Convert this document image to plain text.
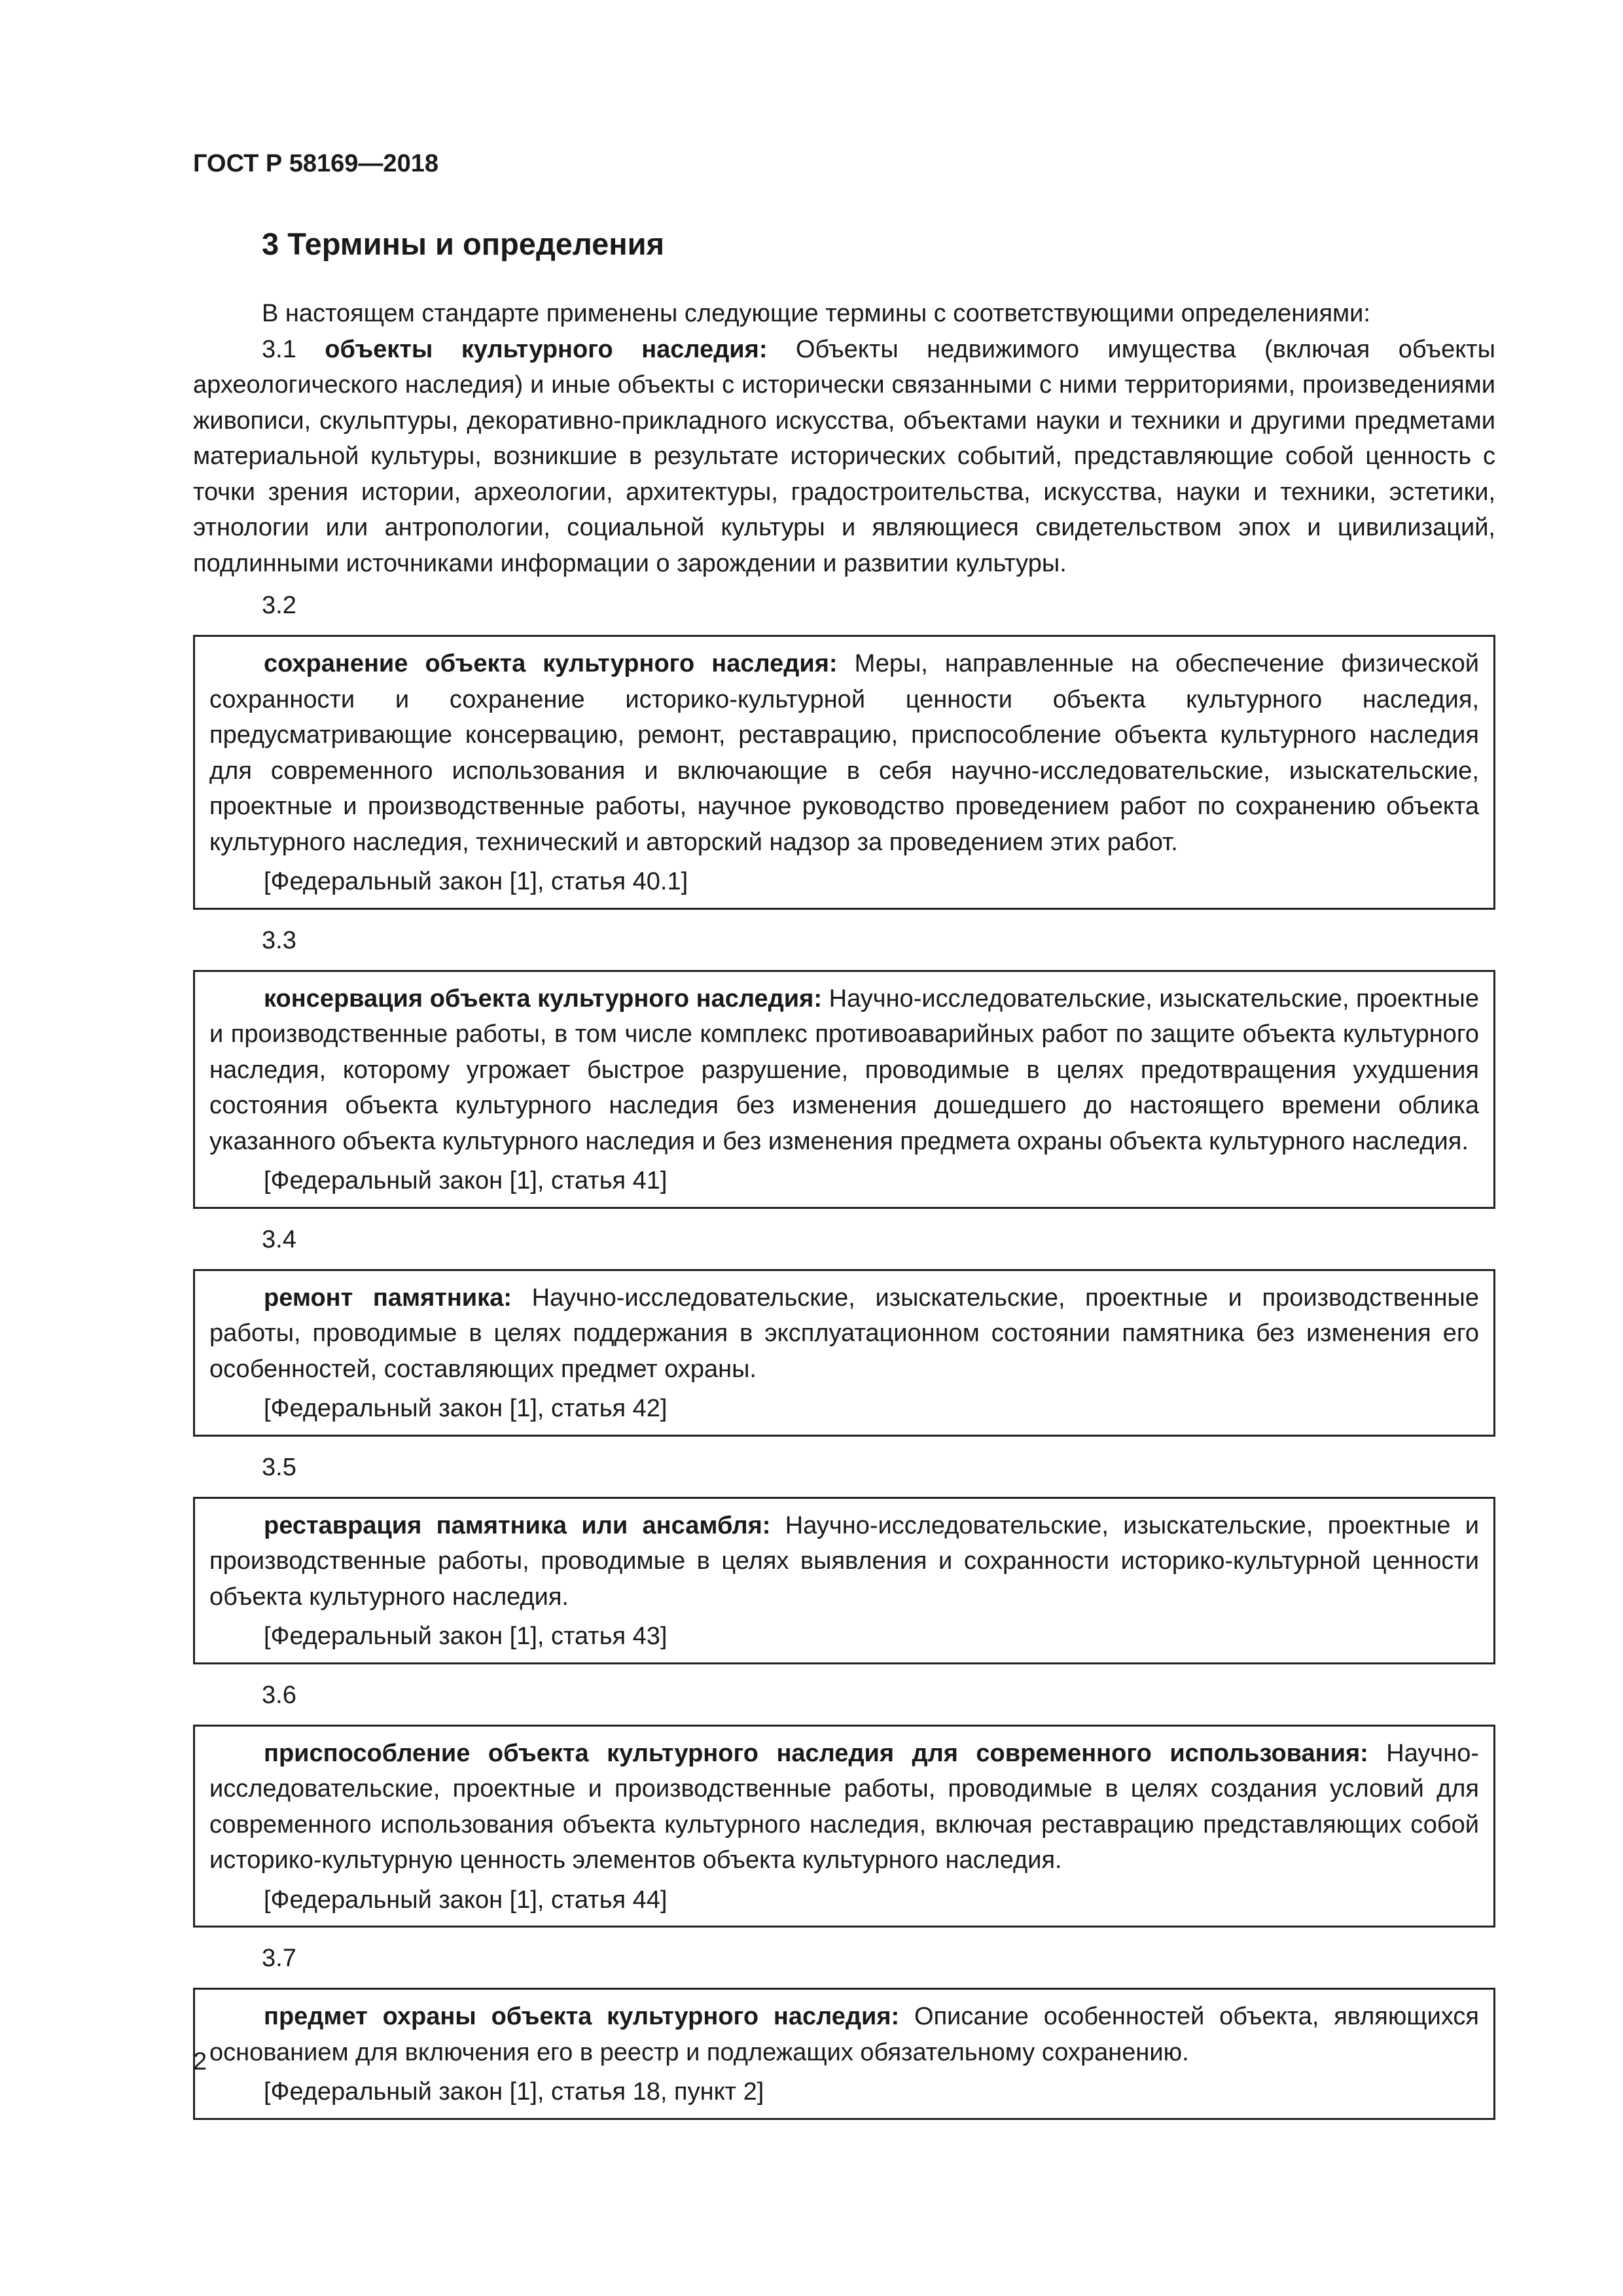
ГОСТ Р 58169—2018
3 Термины и определения

В настоящем стандарте применены следующие термины с соответствующими определениями:

3.1 объекты культурного наследия: Объекты недвижимого имущества (включая объекты археологического наследия) и иные объекты с исторически связанными с ними территориями, произведениями живописи, скульптуры, декоративно-прикладного искусства, объектами науки и техники и другими предметами материальной культуры, возникшие в результате исторических событий, представляющие собой ценность с точки зрения истории, археологии, архитектуры, градостроительства, искусства, науки и техники, эстетики, этнологии или антропологии, социальной культуры и являющиеся свидетельством эпох и цивилизаций, подлинными источниками информации о зарождении и развитии культуры.

3.2

сохранение объекта культурного наследия: Меры, направленные на обеспечение физической сохранности и сохранение историко-культурной ценности объекта культурного наследия, предусматривающие консервацию, ремонт, реставрацию, приспособление объекта культурного наследия для современного использования и включающие в себя научно-исследовательские, изыскательские, проектные и производственные работы, научное руководство проведением работ по сохранению объекта культурного наследия, технический и авторский надзор за проведением этих работ.

[Федеральный закон [1], статья 40.1]

3.3

консервация объекта культурного наследия: Научно-исследовательские, изыскательские, проектные и производственные работы, в том числе комплекс противоаварийных работ по защите объекта культурного наследия, которому угрожает быстрое разрушение, проводимые в целях предотвращения ухудшения состояния объекта культурного наследия без изменения дошедшего до настоящего времени облика указанного объекта культурного наследия и без изменения предмета охраны объекта культурного наследия.

[Федеральный закон [1], статья 41]

3.4

ремонт памятника: Научно-исследовательские, изыскательские, проектные и производственные работы, проводимые в целях поддержания в эксплуатационном состоянии памятника без изменения его особенностей, составляющих предмет охраны.

[Федеральный закон [1], статья 42]

3.5

реставрация памятника или ансамбля: Научно-исследовательские, изыскательские, проектные и производственные работы, проводимые в целях выявления и сохранности историко-культурной ценности объекта культурного наследия.

[Федеральный закон [1], статья 43]

3.6

приспособление объекта культурного наследия для современного использования: Научно-исследовательские, проектные и производственные работы, проводимые в целях создания условий для современного использования объекта культурного наследия, включая реставрацию представляющих собой историко-культурную ценность элементов объекта культурного наследия.

[Федеральный закон [1], статья 44]

3.7

предмет охраны объекта культурного наследия: Описание особенностей объекта, являющихся основанием для включения его в реестр и подлежащих обязательному сохранению.

[Федеральный закон [1], статья 18, пункт 2]

2
